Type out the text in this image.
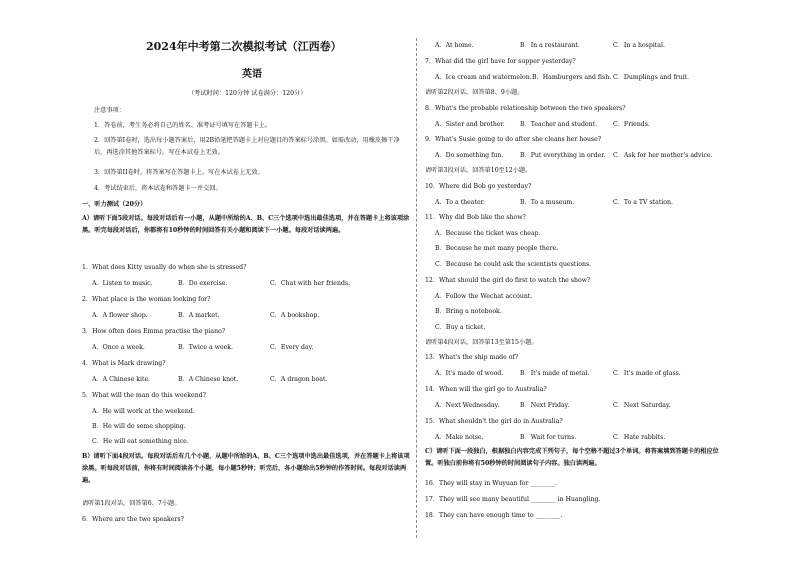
2024年中考第二次模拟考试（江西卷）
英语
（考试时间：120分钟 试卷满分：120分）
注意事项：
1．答卷前，考生务必将自己的姓名、准考证号填写在答题卡上。
2．回答第I卷时，选出每小题答案后，用2B铅笔把答题卡上对应题目的答案标号涂黑。如需改动，用橡皮擦干净后，再选涂其他答案标号。写在本试卷上无效。
3．回答第II卷时，将答案写在答题卡上。写在本试卷上无效。
4．考试结束后，将本试卷和答题卡一并交回。
一、听力测试（20分）
A）请听下面5段对话。每段对话后有一小题，从题中所给的A、B、C三个选项中选出最佳选项，并在答题卡上将该项涂黑。听完每段对话后，你都将有10秒钟的时间回答有关小题和阅读下一小题。每段对话读两遍。
1．What does Kitty usually do when she is stressed?
A．Listen to music.	B．Do exercise.	C．Chat with her friends.
2．What place is the woman looking for?
A．A flower shop.	B．A market.	C．A bookshop.
3．How often does Emma practise the piano?
A．Once a week.	B．Twice a week.	C．Every day.
4．What is Mark drawing?
A．A Chinese kite.	B．A Chinese knot.	C．A dragon boat.
5．What will the man do this weekend?
A．He will work at the weekend.
B．He will do some shopping.
C．He will eat something nice.
B）请听下面4段对话。每段对话后有几个小题，从题中所给的A、B、C三个选项中选出最佳选项，并在答题卡上将该项涂黑。听每段对话前，你将有时间阅读各个小题，每小题5秒钟；听完后，各小题给出5秒钟的作答时间。每段对话读两遍。
请听第1段对话，回答第6、7小题。
6．Where are the two speakers?
A．At home.	B．In a restaurant.	C．In a hospital.
7．What did the girl have for supper yesterday?
A．Ice cream and watermelon. B．Hamburgers and fish. C．Dumplings and fruit.
请听第2段对话，回答第8、9小题。
8．What's the probable relationship between the two speakers?
A．Sister and brother. B．Teacher and student.	C．Friends.
9．What's Susie going to do after she cleans her house?
A．Do something fun.	B．Put everything in order. C．Ask for her mother's advice.
请听第3段对话，回答第10至12小题。
10．Where did Bob go yesterday?
A．To a theater.	B．To a museum.	C．To a TV station.
11．Why did Bob like the show?
A．Because the ticket was cheap.
B．Because he met many people there.
C．Because he could ask the scientists questions.
12．What should the girl do first to watch the show?
A．Follow the Wechat account.
B．Bring a notebook.
C．Buy a ticket.
请听第4段对话，回答第13至第15小题。
13．What's the ship made of?
A．It's made of wood.	B．It's made of metal.	C．It's made of glass.
14．When will the girl go to Australia?
A．Next Wednesday.	B．Next Friday.	C．Next Saturday.
15．What shouldn't the girl do in Australia?
A．Make noise.	B．Wait for turns.	C．Hate rabbits.
C）请听下面一段独白，根据独白内容完成下列句子，每个空格不超过3个单词。将答案填到答题卡的相应位置。听独白前你将有50秒钟的时间阅读句子内容。独白读两遍。
16．They will stay in Wuyuan for ________.
17．They will see many beautiful ________ in Huangling.
18．They can have enough time to ________.
